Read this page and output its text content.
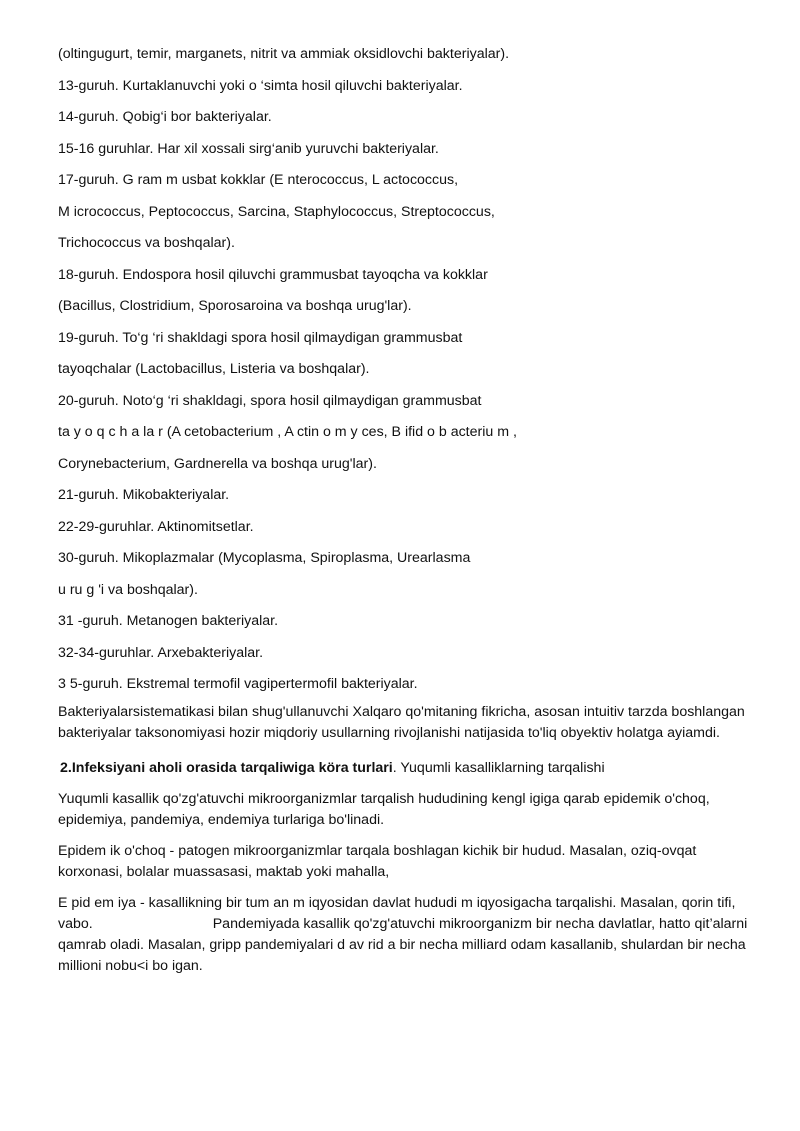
(oltingugurt, temir, marganets, nitrit va ammiak oksidlovchi bakteriyalar).
13-guruh. Kurtaklanuvchi yoki o ‘simta hosil qiluvchi bakteriyalar.
14-guruh. Qobig‘i bor bakteriyalar.
15-16 guruhlar. Har xil xossali sirg‘anib yuruvchi bakteriyalar.
17-guruh. G ram m usbat kokklar (E nterococcus, L actococcus,
M icrococcus, Peptococcus, Sarcina, Staphylococcus, Streptococcus,
Trichococcus va boshqalar).
18-guruh. Endospora hosil qiluvchi grammusbat tayoqcha va kokklar
(Bacillus, Clostridium, Sporosaroina va boshqa urug'lar).
19-guruh. To‘g ‘ri shakldagi spora hosil qilmaydigan grammusbat
tayoqchalar (Lactobacillus, Listeria va boshqalar).
20-guruh. Noto‘g ‘ri shakldagi, spora hosil qilmaydigan grammusbat
ta y o q c h a la r (A cetobacterium , A ctin o m y ces, B ifid o b acteriu m ,
Corynebacterium, Gardnerella va boshqa urug'lar).
21-guruh. Mikobakteriyalar.
22-29-guruhlar. Aktinomitsetlar.
30-guruh. Mikoplazmalar (Mycoplasma, Spiroplasma, Urearlasma
u ru g 'i va boshqalar).
31 -guruh. Metanogen bakteriyalar.
32-34-guruhlar. Arxebakteriyalar.
3 5-guruh. Ekstremal termofil vagipertermofil bakteriyalar.

Bakteriyalarsistematikasi bilan shug'ullanuvchi Xalqaro qo'mitaning fikricha, asosan intuitiv tarzda boshlangan bakteriyalar taksonomiyasi hozir miqdoriy usullarning rivojlanishi natijasida to'liq obyektiv holatga ayiamdi.

2.Infeksiyani aholi orasida tarqaliwiga köra turlari. Yuqumli kasalliklarning tarqalishi

Yuqumli kasallik qo'zg'atuvchi mikroorganizmlar tarqalish hududining kengl igiga qarab epidemik o'choq, epidemiya, pandemiya, endemiya turlariga bo'linadi.

Epidem ik o'choq - patogen mikroorganizmlar tarqala boshlagan kichik bir hudud. Masalan, oziq-ovqat korxonasi, bolalar muassasasi, maktab yoki mahalla,

E pid em iya - kasallikning bir tum an m iqyosidan davlat hududi m iqyosigacha tarqalishi. Masalan, qorin tifi, vabo.	Pandemiyada kasallik qo'zg'atuvchi mikroorganizm bir necha davlatlar, hatto qit’alarni qamrab oladi. Masalan, gripp pandemiyalari d av rid a bir necha milliard odam kasallanib, shulardan bir necha millioni nobu<i bo igan.
